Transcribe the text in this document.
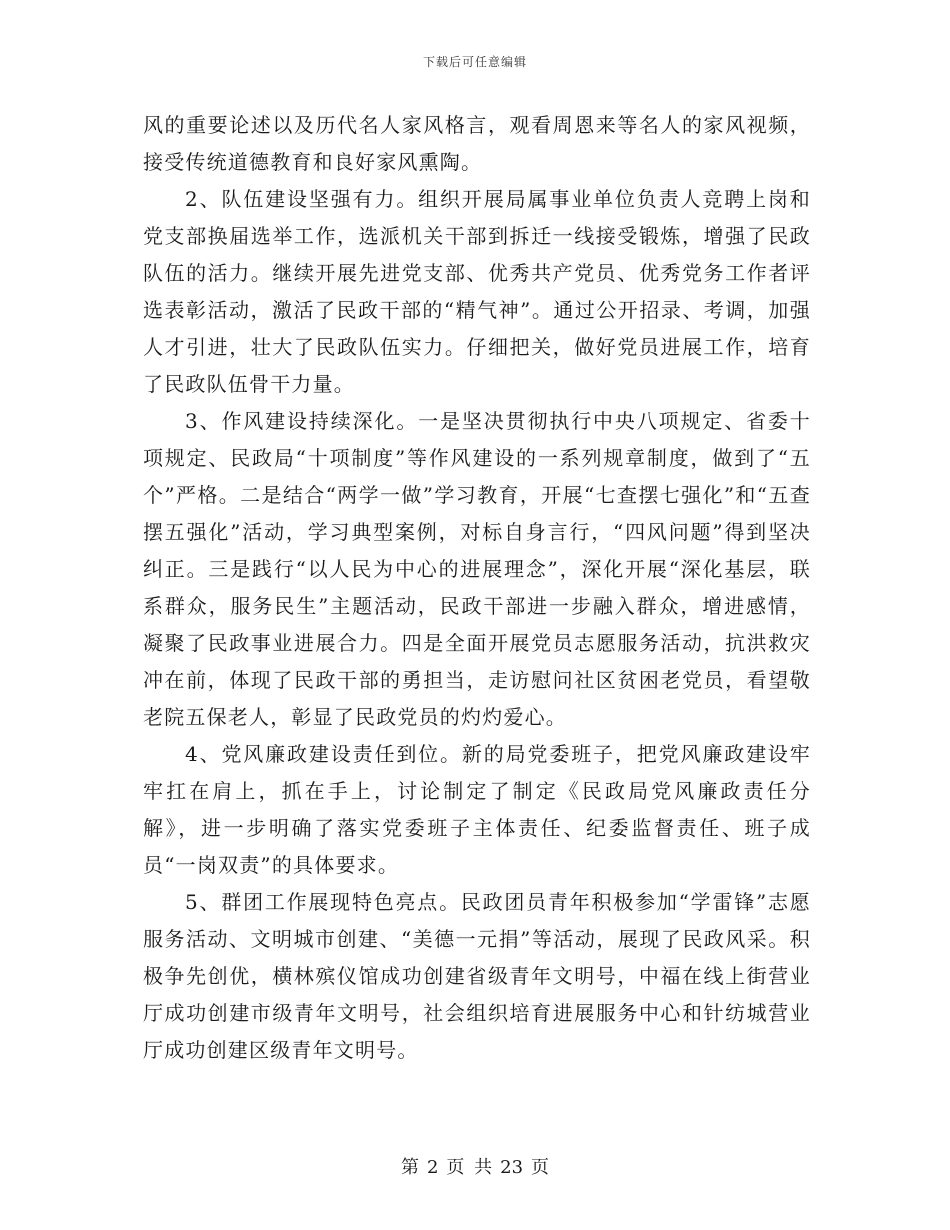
下载后可任意编辑

风的重要论述以及历代名人家风格言，观看周恩来等名人的家风视频，接受传统道德教育和良好家风熏陶。

2、队伍建设坚强有力。组织开展局属事业单位负责人竞聘上岗和党支部换届选举工作，选派机关干部到拆迁一线接受锻炼，增强了民政队伍的活力。继续开展先进党支部、优秀共产党员、优秀党务工作者评选表彰活动，激活了民政干部的“精气神”。通过公开招录、考调，加强人才引进，壮大了民政队伍实力。仔细把关，做好党员进展工作，培育了民政队伍骨干力量。

3、作风建设持续深化。一是坚决贯彻执行中央八项规定、省委十项规定、民政局“十项制度”等作风建设的一系列规章制度，做到了“五个”严格。二是结合“两学一做”学习教育，开展“七查摆七强化”和“五查摆五强化”活动，学习典型案例，对标自身言行，“四风问题”得到坚决纠正。三是践行“以人民为中心的进展理念”，深化开展“深化基层，联系群众，服务民生”主题活动，民政干部进一步融入群众，增进感情，凝聚了民政事业进展合力。四是全面开展党员志愿服务活动，抗洪救灾冲在前，体现了民政干部的勇担当，走访慰问社区贫困老党员，看望敬老院五保老人，彰显了民政党员的灼灼爱心。

4、党风廉政建设责任到位。新的局党委班子，把党风廉政建设牢牢扛在肩上，抓在手上，讨论制定了制定《民政局党风廉政责任分解》，进一步明确了落实党委班子主体责任、纪委监督责任、班子成员“一岗双责”的具体要求。

5、群团工作展现特色亮点。民政团员青年积极参加“学雷锋”志愿服务活动、文明城市创建、“美德一元捐”等活动，展现了民政风采。积极争先创优，横林殡仪馆成功创建省级青年文明号，中福在线上街营业厅成功创建市级青年文明号，社会组织培育进展服务中心和针纺城营业厅成功创建区级青年文明号。

第 2 页 共 23 页
